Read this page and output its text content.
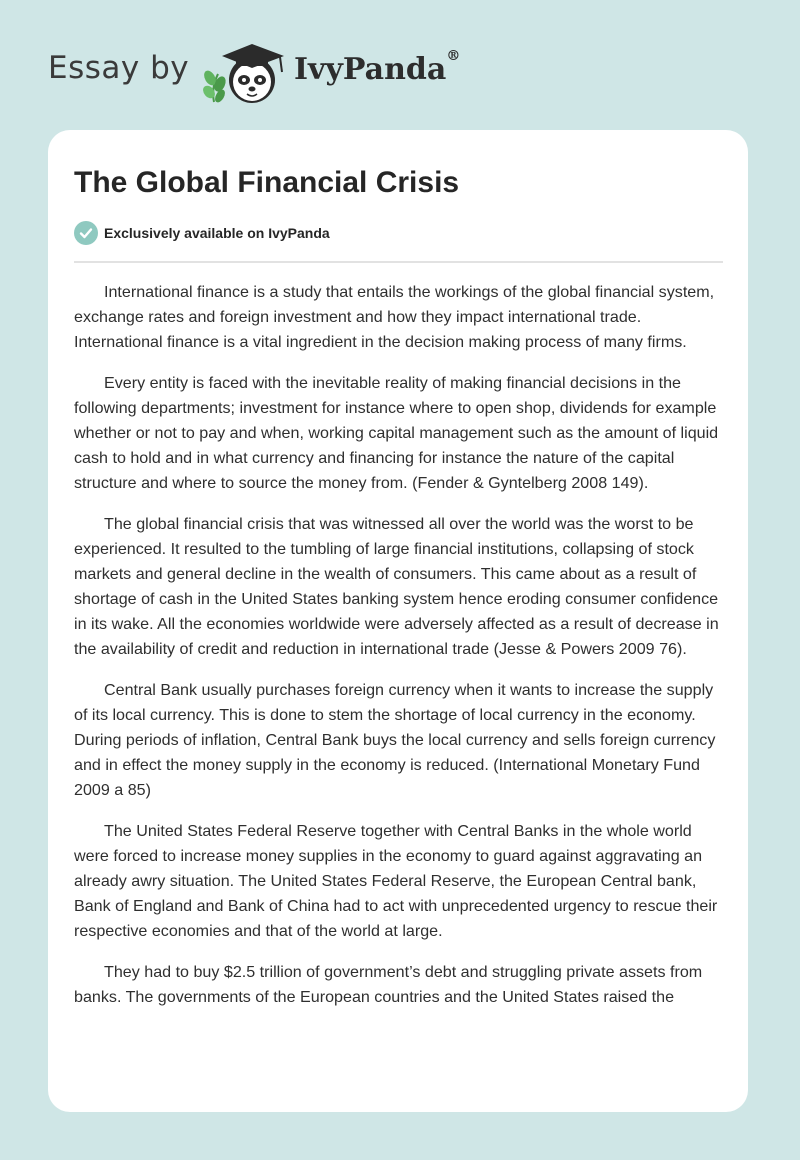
Essay by	IvyPanda®
The Global Financial Crisis
Exclusively available on IvyPanda

International finance is a study that entails the workings of the global financial system, exchange rates and foreign investment and how they impact international trade. International finance is a vital ingredient in the decision making process of many firms.

Every entity is faced with the inevitable reality of making financial decisions in the following departments; investment for instance where to open shop, dividends for example whether or not to pay and when, working capital management such as the amount of liquid cash to hold and in what currency and financing for instance the nature of the capital structure and where to source the money from. (Fender & Gyntelberg 2008 149).

The global financial crisis that was witnessed all over the world was the worst to be experienced. It resulted to the tumbling of large financial institutions, collapsing of stock markets and general decline in the wealth of consumers. This came about as a result of shortage of cash in the United States banking system hence eroding consumer confidence in its wake. All the economies worldwide were adversely affected as a result of decrease in the availability of credit and reduction in international trade (Jesse & Powers 2009 76).

Central Bank usually purchases foreign currency when it wants to increase the supply of its local currency. This is done to stem the shortage of local currency in the economy. During periods of inflation, Central Bank buys the local currency and sells foreign currency and in effect the money supply in the economy is reduced. (International Monetary Fund 2009 a 85)

The United States Federal Reserve together with Central Banks in the whole world were forced to increase money supplies in the economy to guard against aggravating an already awry situation. The United States Federal Reserve, the European Central bank, Bank of England and Bank of China had to act with unprecedented urgency to rescue their respective economies and that of the world at large.

They had to buy $2.5 trillion of government’s debt and struggling private assets from banks. The governments of the European countries and the United States raised the
